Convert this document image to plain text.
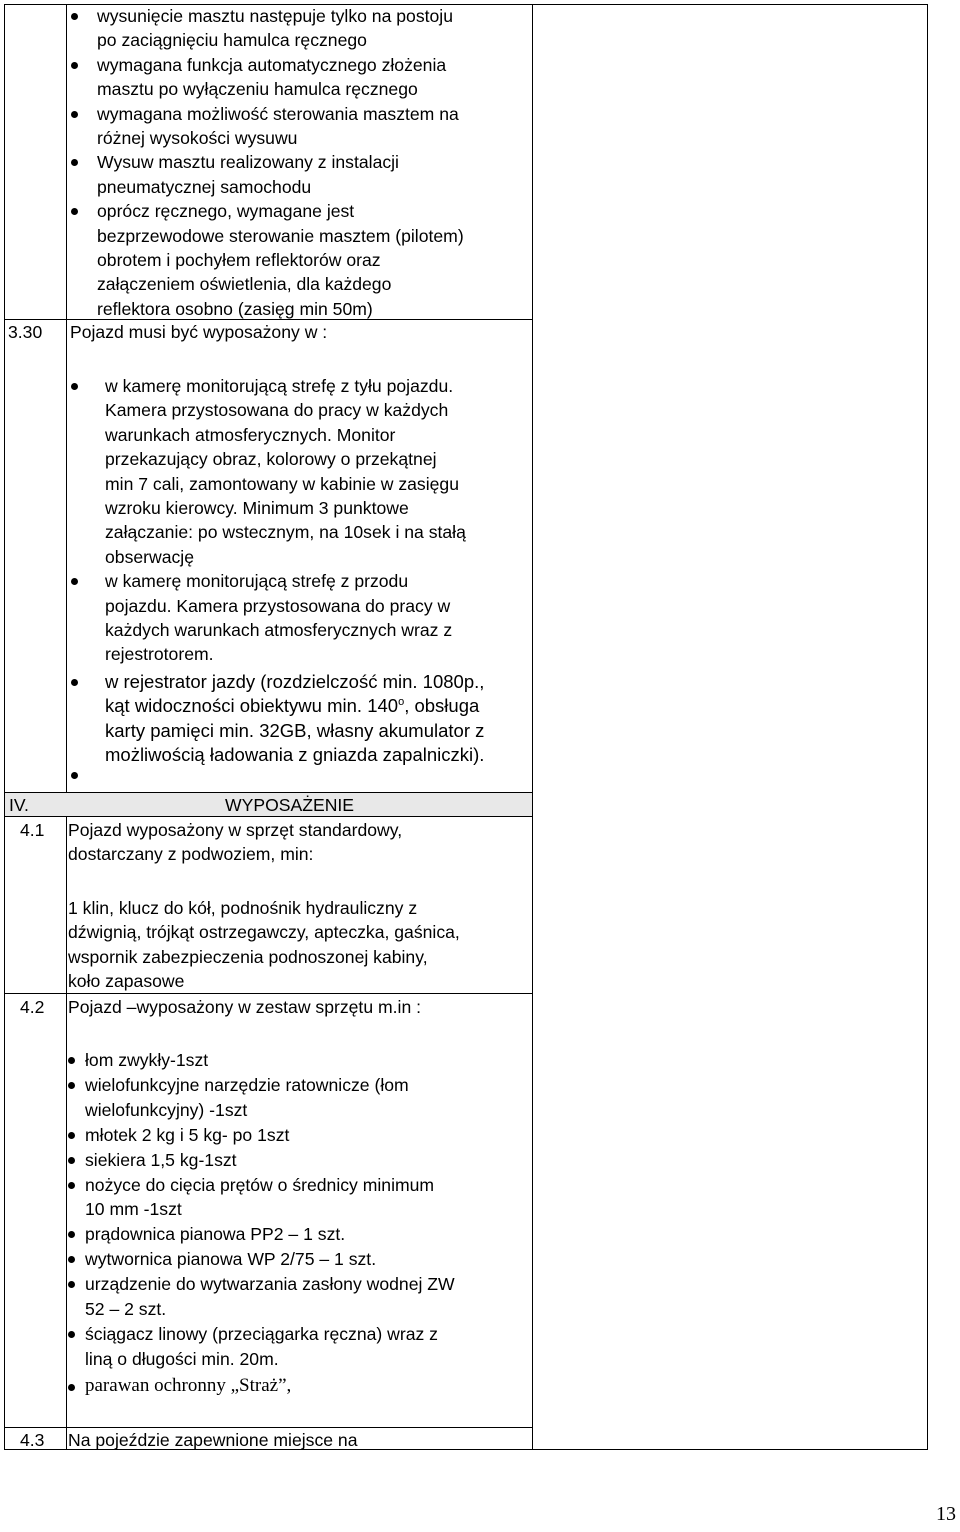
wysunięcie masztu następuje tylko na postoju
po zaciągnięciu hamulca ręcznego
wymagana funkcja automatycznego złożenia
masztu po wyłączeniu hamulca ręcznego
wymagana możliwość sterowania masztem na
różnej wysokości wysuwu
Wysuw masztu realizowany z instalacji
pneumatycznej samochodu
oprócz ręcznego, wymagane jest
bezprzewodowe sterowanie masztem (pilotem)
obrotem i pochyłem reflektorów oraz
załączeniem oświetlenia, dla każdego
reflektora osobno (zasięg min 50m)
3.30 Pojazd musi być wyposażony w :
w kamerę monitorującą strefę z tyłu pojazdu.
Kamera przystosowana do pracy w każdych
warunkach atmosferycznych. Monitor
przekazujący obraz, kolorowy o przekątnej
min 7 cali, zamontowany w kabinie w zasięgu
wzroku kierowcy. Minimum 3 punktowe
załączanie: po wstecznym, na 10sek i na stałą
obserwację
w kamerę monitorującą strefę z przodu
pojazdu. Kamera przystosowana do pracy w
każdych warunkach atmosferycznych wraz z
rejestrotorem.
w rejestrator jazdy (rozdzielczość min. 1080p.,
kąt widoczności obiektywu min. 140$^o$, obsługa
karty pamięci min. 32GB, własny akumulator z
możliwością ładowania z gniazda zapalniczki).
IV.	WYPOSAŻENIE
4.1 Pojazd wyposażony w sprzęt standardowy,
dostarczany z podwoziem, min:
1 klin, klucz do kół, podnośnik hydrauliczny z
dźwignią, trójkąt ostrzegawczy, apteczka, gaśnica,
wspornik zabezpieczenia podnoszonej kabiny,
koło zapasowe
4.2 Pojazd –wyposażony w zestaw sprzętu m.in :
łom zwykły-1szt
wielofunkcyjne narzędzie ratownicze (łom
wielofunkcyjny) -1szt
młotek 2 kg i 5 kg- po 1szt
siekiera 1,5 kg-1szt
nożyce do cięcia prętów o średnicy minimum
10 mm -1szt
prądownica pianowa PP2 – 1 szt.
wytwornica pianowa WP 2/75 – 1 szt.
urządzenie do wytwarzania zasłony wodnej ZW
52 – 2 szt.
ściągacz linowy (przeciągarka ręczna) wraz z
liną o długości min. 20m.
parawan ochronny „Straż”,
4.3 Na pojeździe zapewnione miejsce na
13
